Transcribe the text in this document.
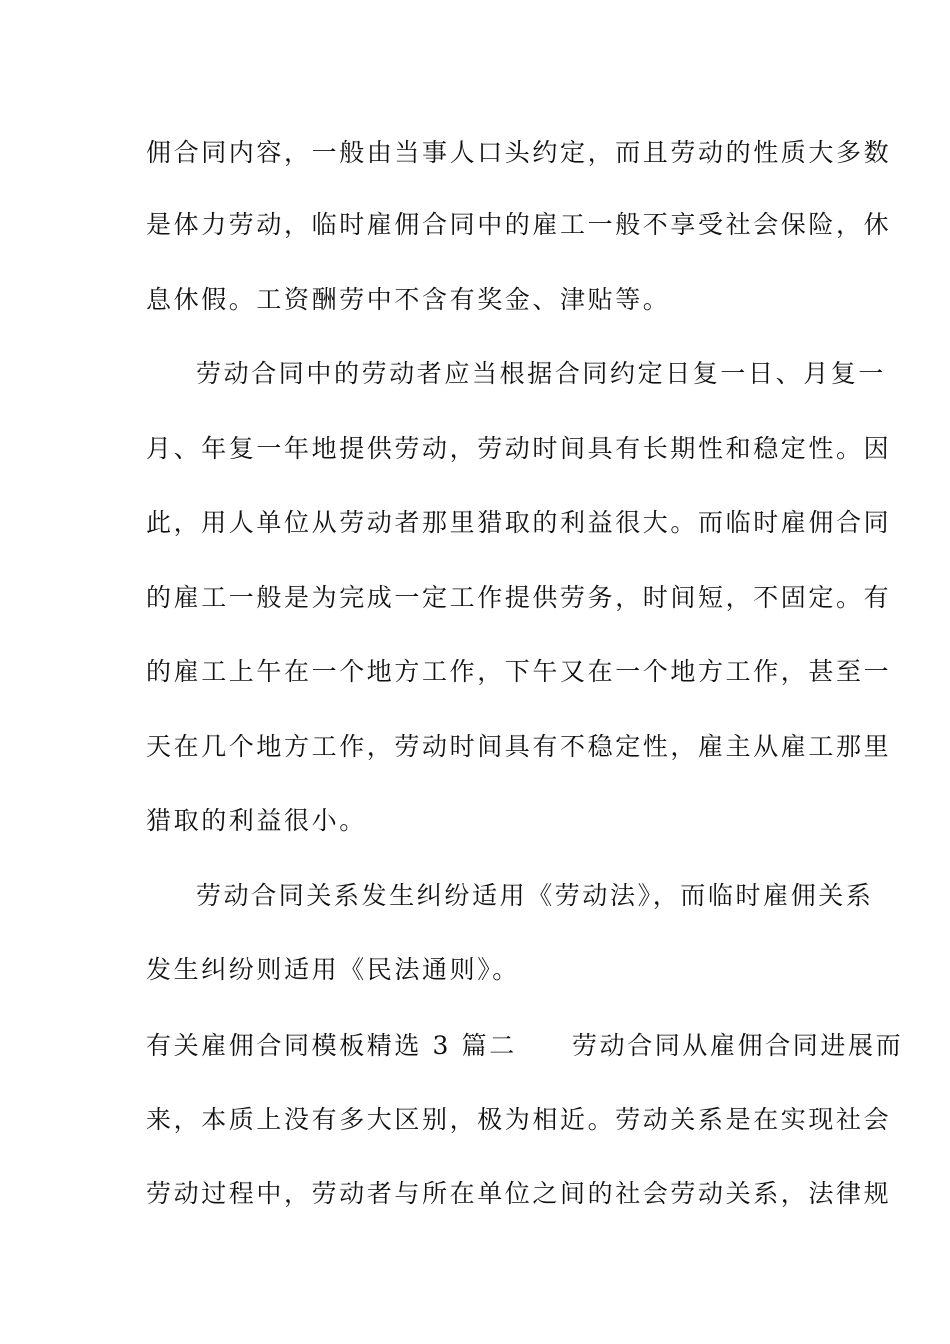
佣合同内容，一般由当事人口头约定，而且劳动的性质大多数
是体力劳动，临时雇佣合同中的雇工一般不享受社会保险，休
息休假。工资酬劳中不含有奖金、津贴等。
劳动合同中的劳动者应当根据合同约定日复一日、月复一
月、年复一年地提供劳动，劳动时间具有长期性和稳定性。因
此，用人单位从劳动者那里猎取的利益很大。而临时雇佣合同
的雇工一般是为完成一定工作提供劳务，时间短，不固定。有
的雇工上午在一个地方工作，下午又在一个地方工作，甚至一
天在几个地方工作，劳动时间具有不稳定性，雇主从雇工那里
猎取的利益很小。
劳动合同关系发生纠纷适用《劳动法》，而临时雇佣关系
发生纠纷则适用《民法通则》。
有关雇佣合同模板精选 3 篇二　　劳动合同从雇佣合同进展而
来，本质上没有多大区别，极为相近。劳动关系是在实现社会
劳动过程中，劳动者与所在单位之间的社会劳动关系，法律规
